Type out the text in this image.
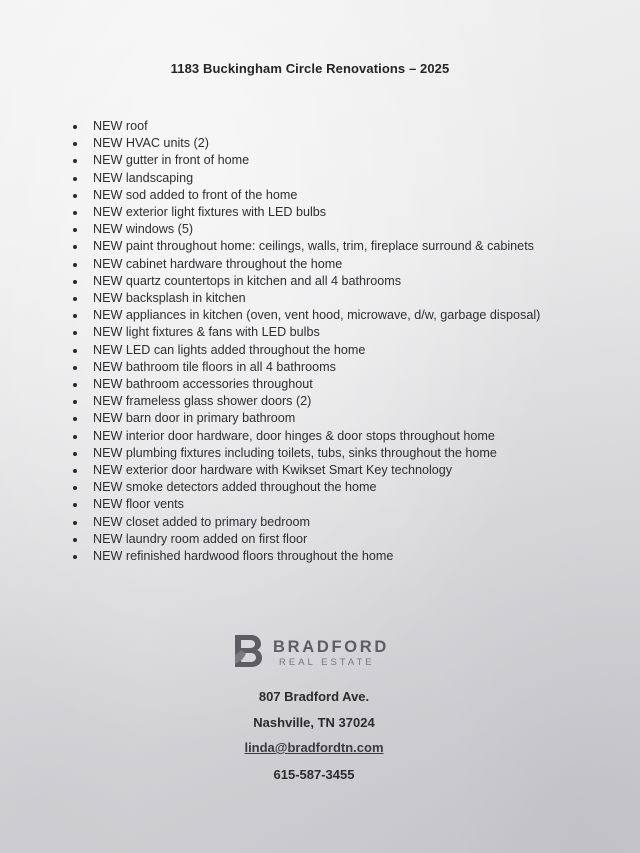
1183 Buckingham Circle Renovations – 2025
NEW roof
NEW HVAC units (2)
NEW gutter in front of home
NEW landscaping
NEW sod added to front of the home
NEW exterior light fixtures with LED bulbs
NEW windows (5)
NEW paint throughout home: ceilings, walls, trim, fireplace surround & cabinets
NEW cabinet hardware throughout the home
NEW quartz countertops in kitchen and all 4 bathrooms
NEW backsplash in kitchen
NEW appliances in kitchen (oven, vent hood, microwave, d/w, garbage disposal)
NEW light fixtures & fans with LED bulbs
NEW LED can lights added throughout the home
NEW bathroom tile floors in all 4 bathrooms
NEW bathroom accessories throughout
NEW frameless glass shower doors (2)
NEW barn door in primary bathroom
NEW interior door hardware, door hinges & door stops throughout home
NEW plumbing fixtures including toilets, tubs, sinks throughout the home
NEW exterior door hardware with Kwikset Smart Key technology
NEW smoke detectors added throughout the home
NEW floor vents
NEW closet added to primary bedroom
NEW laundry room added on first floor
NEW refinished hardwood floors throughout the home
BRADFORD
REAL ESTATE
807 Bradford Ave.
Nashville, TN 37024
linda@bradfordtn.com
615-587-3455
